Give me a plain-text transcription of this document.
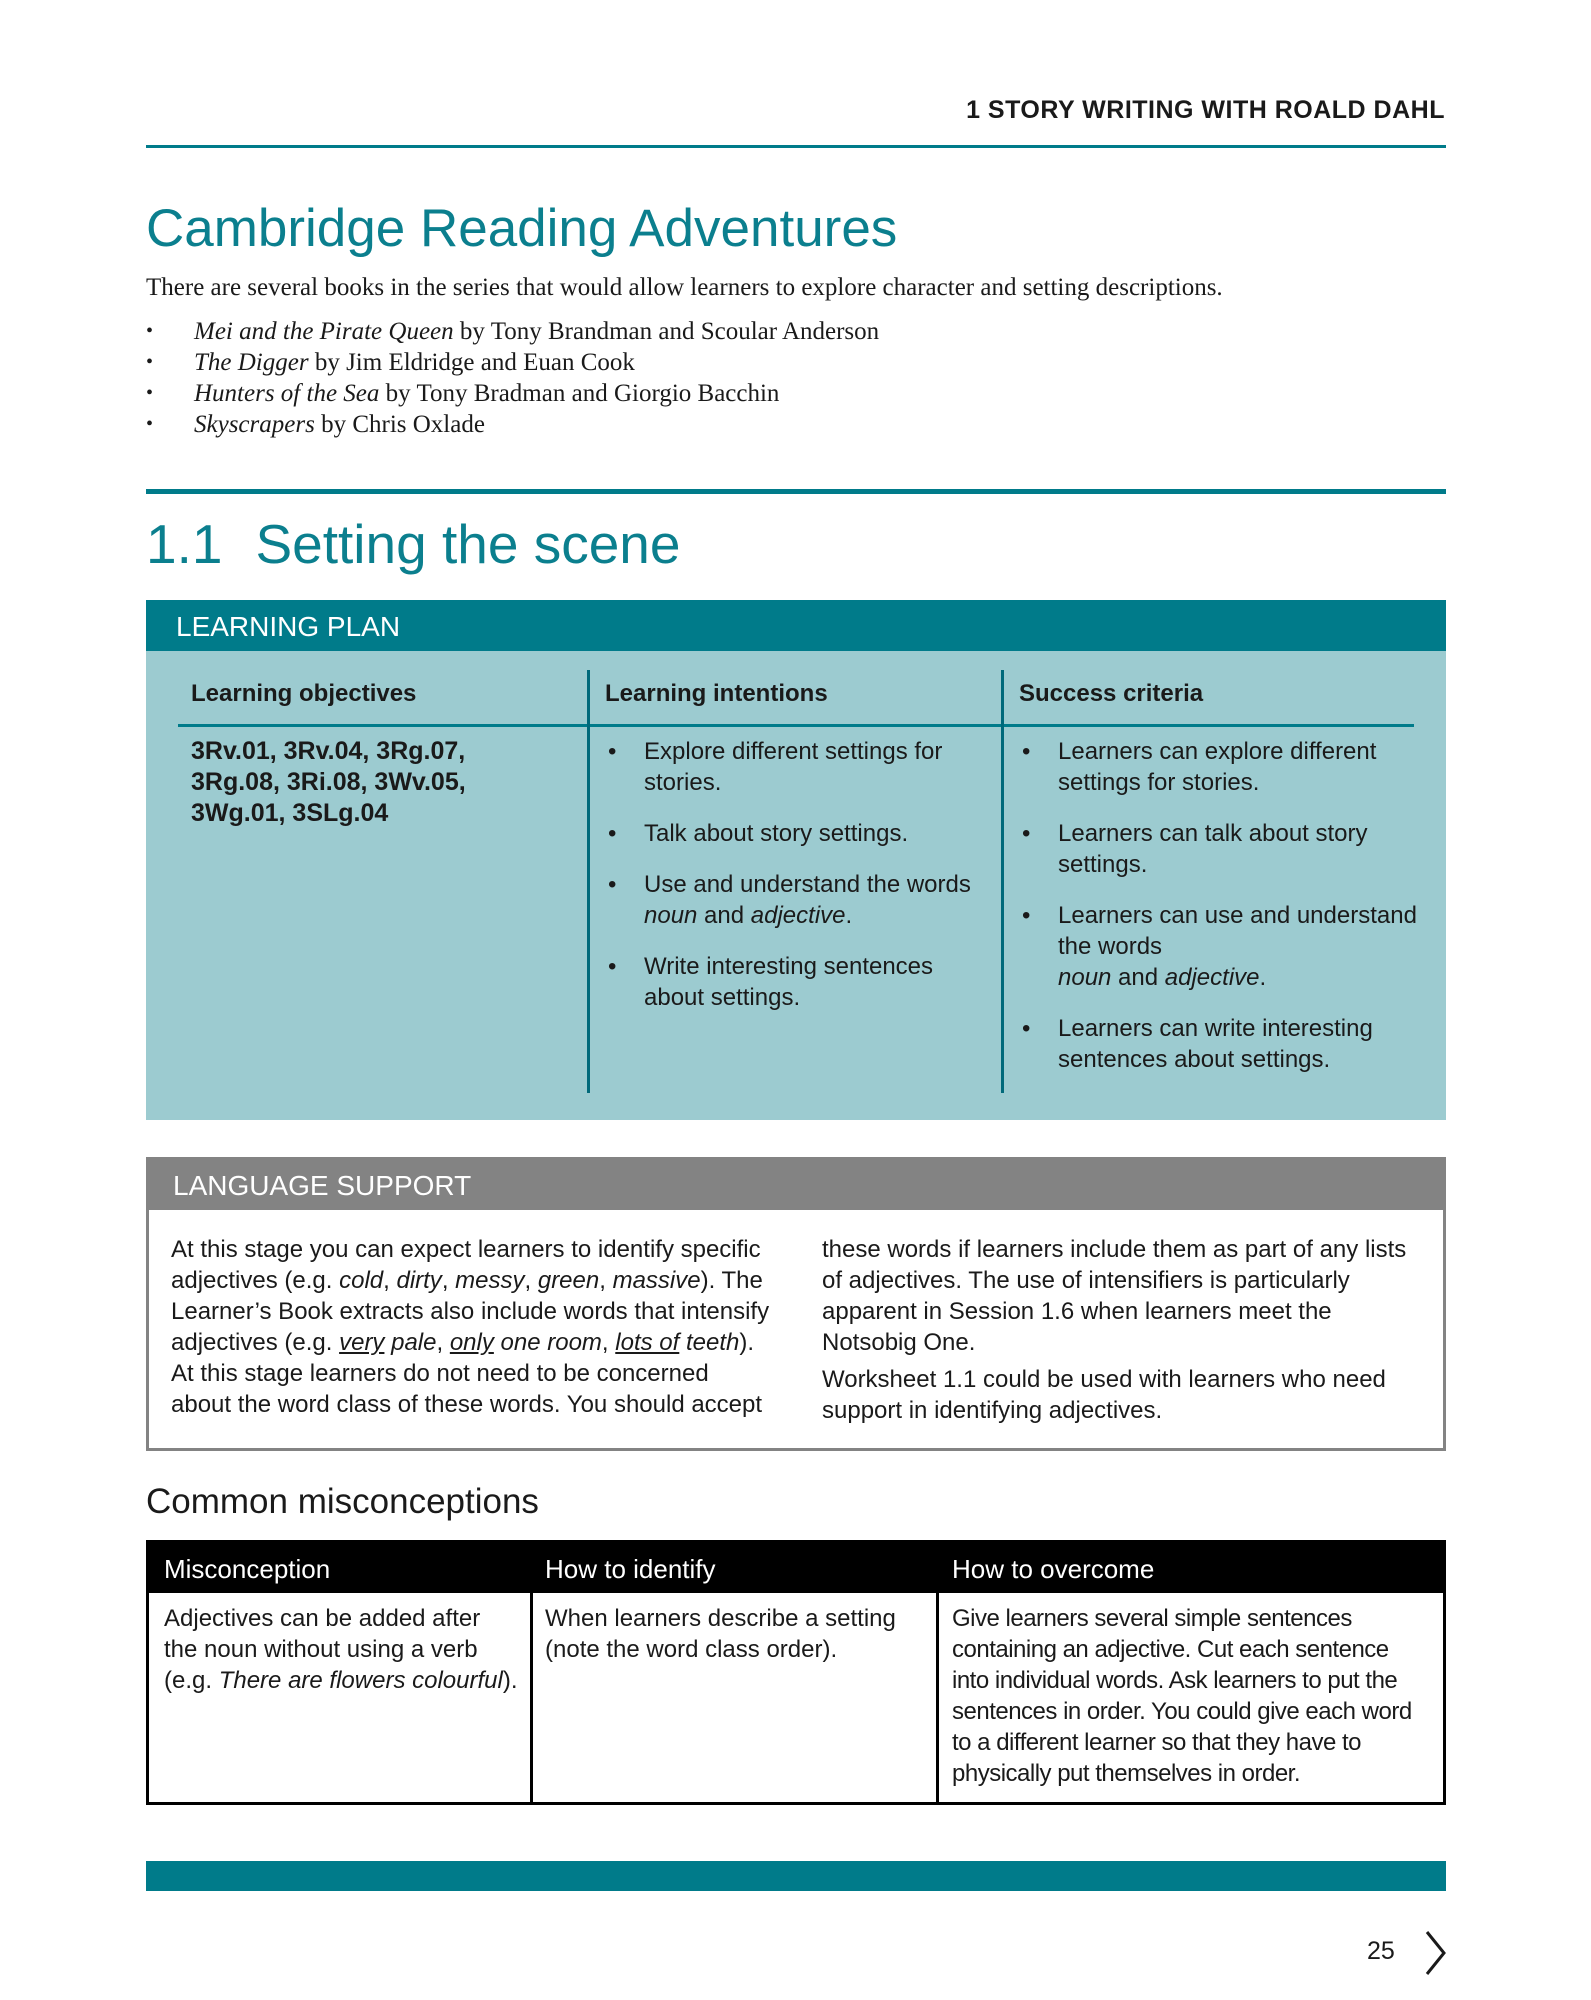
1 STORY WRITING WITH ROALD DAHL
Cambridge Reading Adventures
There are several books in the series that would allow learners to explore character and setting descriptions.
• Mei and the Pirate Queen by Tony Brandman and Scoular Anderson
• The Digger by Jim Eldridge and Euan Cook
• Hunters of the Sea by Tony Bradman and Giorgio Bacchin
• Skyscrapers by Chris Oxlade
1.1 Setting the scene
LEARNING PLAN
Learning objectives
3Rv.01, 3Rv.04, 3Rg.07,
3Rg.08, 3Ri.08, 3Wv.05,
3Wg.01, 3SLg.04
Learning intentions
• Explore different settings for stories.
• Talk about story settings.
• Use and understand the words noun and adjective.
• Write interesting sentences about settings.
Success criteria
• Learners can explore different settings for stories.
• Learners can talk about story settings.
• Learners can use and understand the words
noun and adjective.
• Learners can write interesting sentences about settings.
LANGUAGE SUPPORT

At this stage you can expect learners to identify specific adjectives (e.g. cold, dirty, messy, green, massive). The Learner’s Book extracts also include words that intensify adjectives (e.g. very pale, only one room, lots of teeth). At this stage learners do not need to be concerned about the word class of these words. You should accept these words if learners include them as part of any lists of adjectives. The use of intensifiers is particularly apparent in Session 1.6 when learners meet the Notsobig One.

Worksheet 1.1 could be used with learners who need support in identifying adjectives.

Common misconceptions
Misconception	How to identify	How to overcome
Adjectives can be added after the noun without using a verb (e.g. There are flowers colourful).
When learners describe a setting (note the word class order).
Give learners several simple sentences containing an adjective. Cut each sentence into individual words. Ask learners to put the sentences in order. You could give each word to a different learner so that they have to physically put themselves in order.
25
